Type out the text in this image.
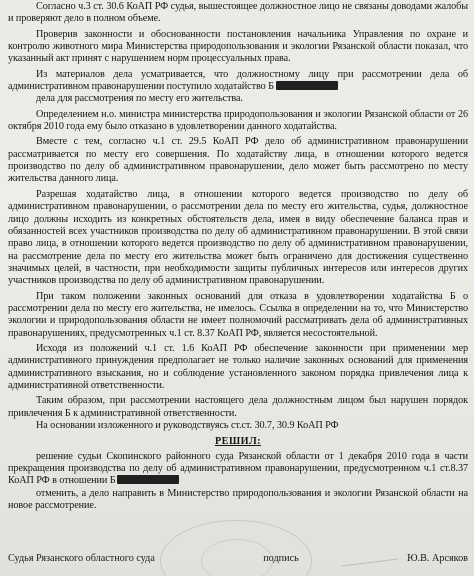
Согласно ч.3 ст. 30.6 КоАП РФ судья, вышестоящее должностное лицо не связаны доводами жалобы и проверяют дело в полном объеме.

Проверив законности и обоснованности постановления начальника Управления по охране и контролю животного мира Министерства природопользования и экологии Рязанской области показал, что указанный акт принят с нарушением норм процессуальных права.

Из материалов дела усматривается, что должностному лицу при рассмотрении дела об административном правонарушении поступило ходатайство Б

дела для рассмотрения по месту его жительства.

Определением н.о. министра министерства природопользования и экологии Рязанской области от 26 октября 2010 года ему было отказано в удовлетворении данного ходатайства.

Вместе с тем, согласно ч.1 ст. 29.5 КоАП РФ дело об административном правонарушении рассматривается по месту его совершения. По ходатайству лица, в отношении которого ведется производство по делу об административном правонарушении, дело может быть рассмотрено по месту жительства данного лица.

Разрешая ходатайство лица, в отношении которого ведется производство по делу об административном правонарушении, о рассмотрении дела по месту его жительства, судья, должностное лицо должны исходить из конкретных обстоятельств дела, имея в виду обеспечение баланса прав и обязанностей всех участников производства по делу об административном правонарушении. В этой связи право лица, в отношении которого ведется производство по делу об административном правонарушении, на рассмотрение дела по месту его жительства может быть ограничено для достижения существенно значимых целей, в частности, при необходимости защиты публичных интересов или интересов других участников производства по делу об административном правонарушении.

При таком положении законных оснований для отказа в удовлетворении ходатайства Б о рассмотрении дела по месту его жительства, не имелось. Ссылка в определении на то, что Министерство экологии и природопользования области не имеет полномочий рассматривать дела об административных правонарушениях, предусмотренных ч.1 ст. 8.37 КоАП РФ, является несостоятельной.

Исходя из положений ч.1 ст. 1.6 КоАП РФ обеспечение законности при применении мер административного принуждения предполагает не только наличие законных оснований для применения административного взыскания, но и соблюдение установленного законом порядка привлечения лица к административной ответственности.

Таким образом, при рассмотрении настоящего дела должностным лицом был нарушен порядок привлечения Б к административной ответственности.

На основании изложенного и руководствуясь ст.ст. 30.7, 30.9 КоАП РФ

РЕШИЛ:

решение судьи Скопинского районного суда Рязанской области от 1 декабря 2010 года в части прекращения производства по делу об административном правонарушении, предусмотренном ч.1 ст.8.37 КоАП РФ в отношении Б

отменить, а дело направить в Министерство природопользования и экологии Рязанской области на новое рассмотрение.

Судья Рязанского областного суда	подпись	Ю.В. Арсяков
